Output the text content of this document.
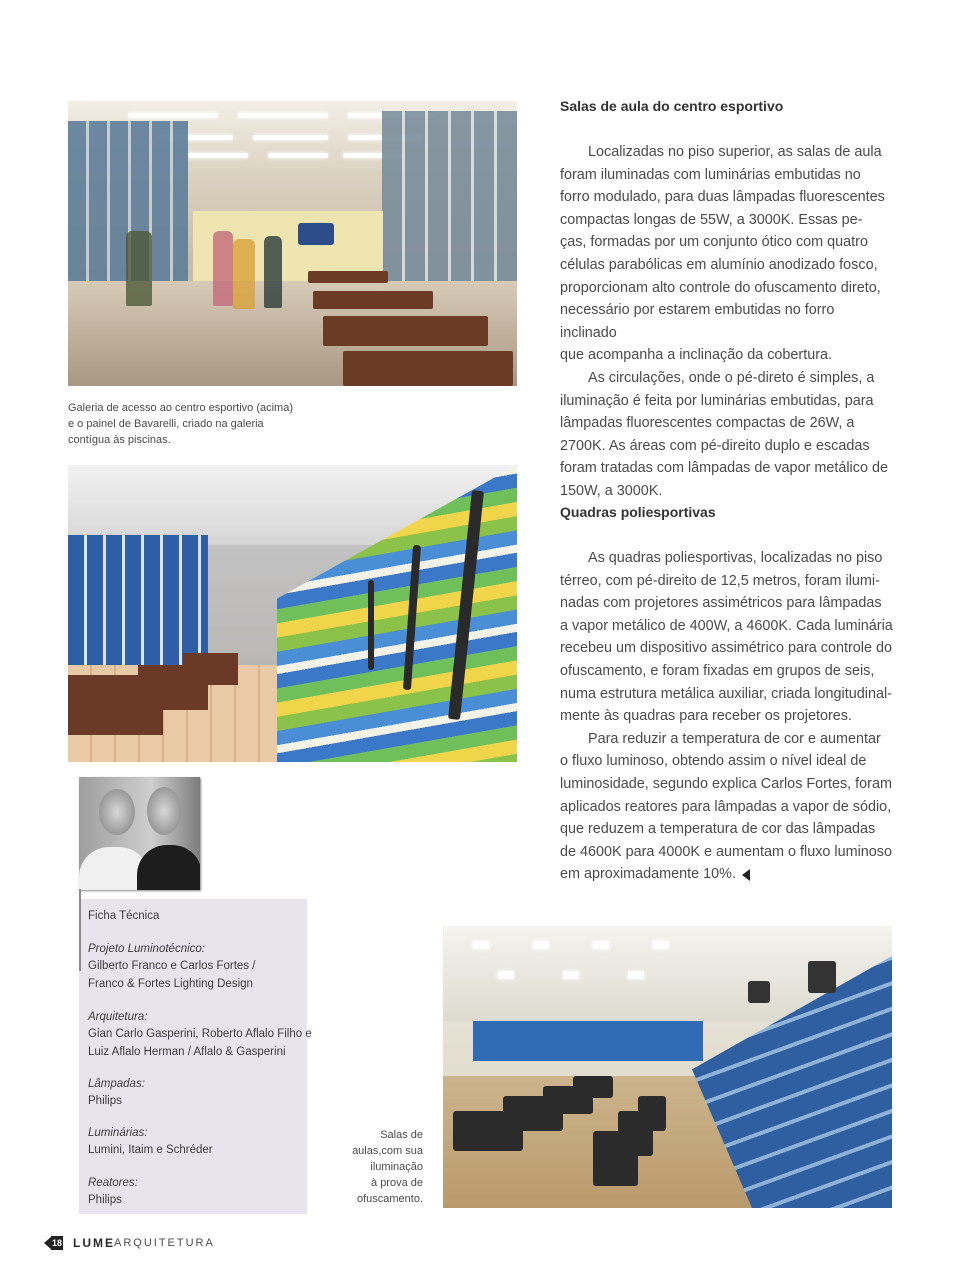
Galeria de acesso ao centro esportivo (acima) e o painel de Bavarelli, criado na galeria contígua às piscinas.
Ficha Técnica
Projeto Luminotécnico:
Gilberto Franco e Carlos Fortes /
Franco & Fortes Lighting Design
Arquitetura:
Gian Carlo Gasperini, Roberto Aflalo Filho e
Luiz Aflalo Herman / Aflalo & Gasperini
Lâmpadas:
Philips
Luminárias:
Lumini, Itaim e Schréder
Reatores:
Philips
Salas de
aulas,com sua
iluminação
à prova de
ofuscamento.
Salas de aula do centro esportivo

Localizadas no piso superior, as salas de aula
foram iluminadas com luminárias embutidas no
forro modulado, para duas lâmpadas fluorescentes
compactas longas de 55W, a 3000K. Essas pe-
ças, formadas por um conjunto ótico com quatro
células parabólicas em alumínio anodizado fosco,
proporcionam alto controle do ofuscamento direto,
necessário por estarem embutidas no forro inclinado
que acompanha a inclinação da cobertura.
As circulações, onde o pé-direto é simples, a
iluminação é feita por luminárias embutidas, para
lâmpadas fluorescentes compactas de 26W, a
2700K. As áreas com pé-direito duplo e escadas
foram tratadas com lâmpadas de vapor metálico de
150W, a 3000K.

Quadras poliesportivas

As quadras poliesportivas, localizadas no piso
térreo, com pé-direito de 12,5 metros, foram ilumi-
nadas com projetores assimétricos para lâmpadas
a vapor metálico de 400W, a 4600K. Cada luminária
recebeu um dispositivo assimétrico para controle do
ofuscamento, e foram fixadas em grupos de seis,
numa estrutura metálica auxiliar, criada longitudinal-
mente às quadras para receber os projetores.
Para reduzir a temperatura de cor e aumentar
o fluxo luminoso, obtendo assim o nível ideal de
luminosidade, segundo explica Carlos Fortes, foram
aplicados reatores para lâmpadas a vapor de sódio,
que reduzem a temperatura de cor das lâmpadas
de 4600K para 4000K e aumentam o fluxo luminoso
em aproximadamente 10%.

18 LUME ARQUITETURA
